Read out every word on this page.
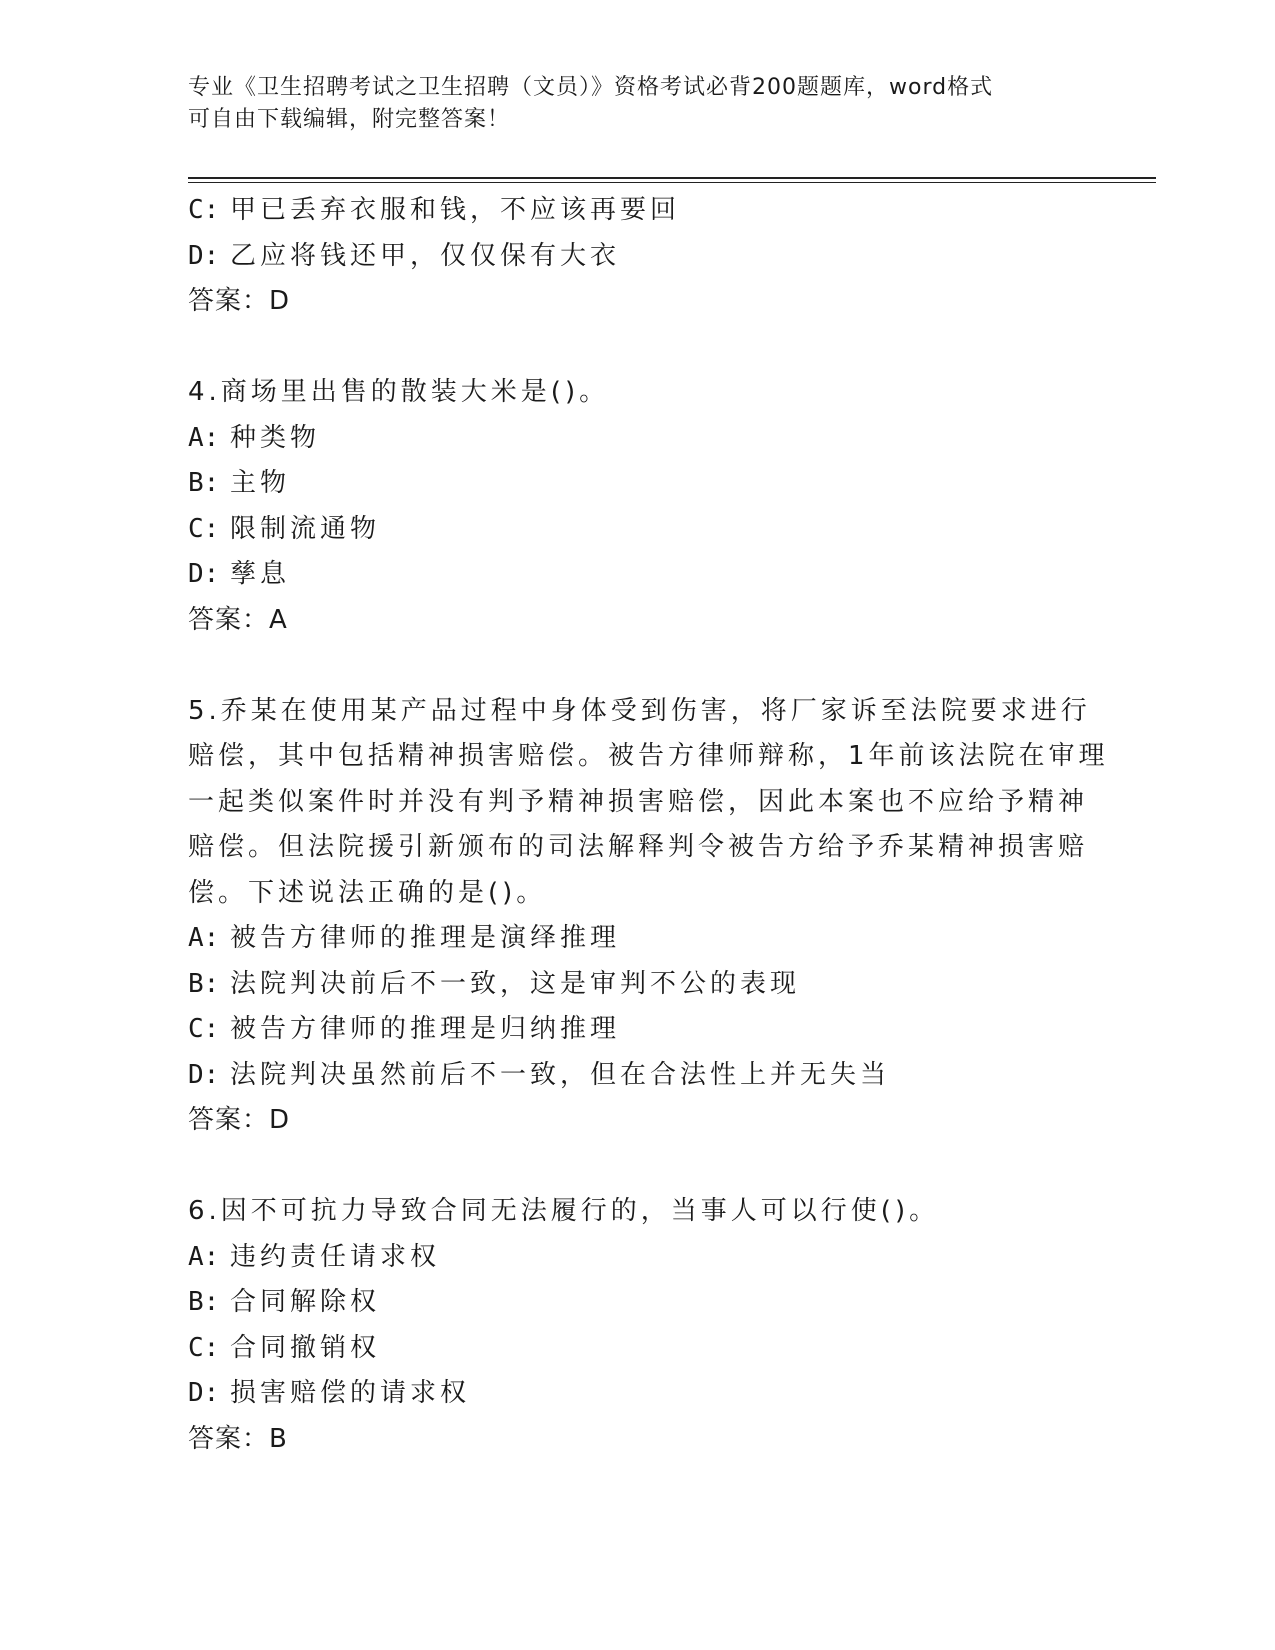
专业《卫生招聘考试之卫生招聘（文员）》资格考试必背200题题库，word格式
可自由下载编辑，附完整答案！
C: 甲已丢弃衣服和钱，不应该再要回
D: 乙应将钱还甲，仅仅保有大衣
答案：D
4.商场里出售的散装大米是()。
A: 种类物
B: 主物
C: 限制流通物
D: 孳息
答案：A
5.乔某在使用某产品过程中身体受到伤害，将厂家诉至法院要求进行
赔偿，其中包括精神损害赔偿。被告方律师辩称，1年前该法院在审理
一起类似案件时并没有判予精神损害赔偿，因此本案也不应给予精神
赔偿。但法院援引新颁布的司法解释判令被告方给予乔某精神损害赔
偿。下述说法正确的是()。
A: 被告方律师的推理是演绎推理
B: 法院判决前后不一致，这是审判不公的表现
C: 被告方律师的推理是归纳推理
D: 法院判决虽然前后不一致，但在合法性上并无失当
答案：D
6.因不可抗力导致合同无法履行的，当事人可以行使()。
A: 违约责任请求权
B: 合同解除权
C: 合同撤销权
D: 损害赔偿的请求权
答案：B
